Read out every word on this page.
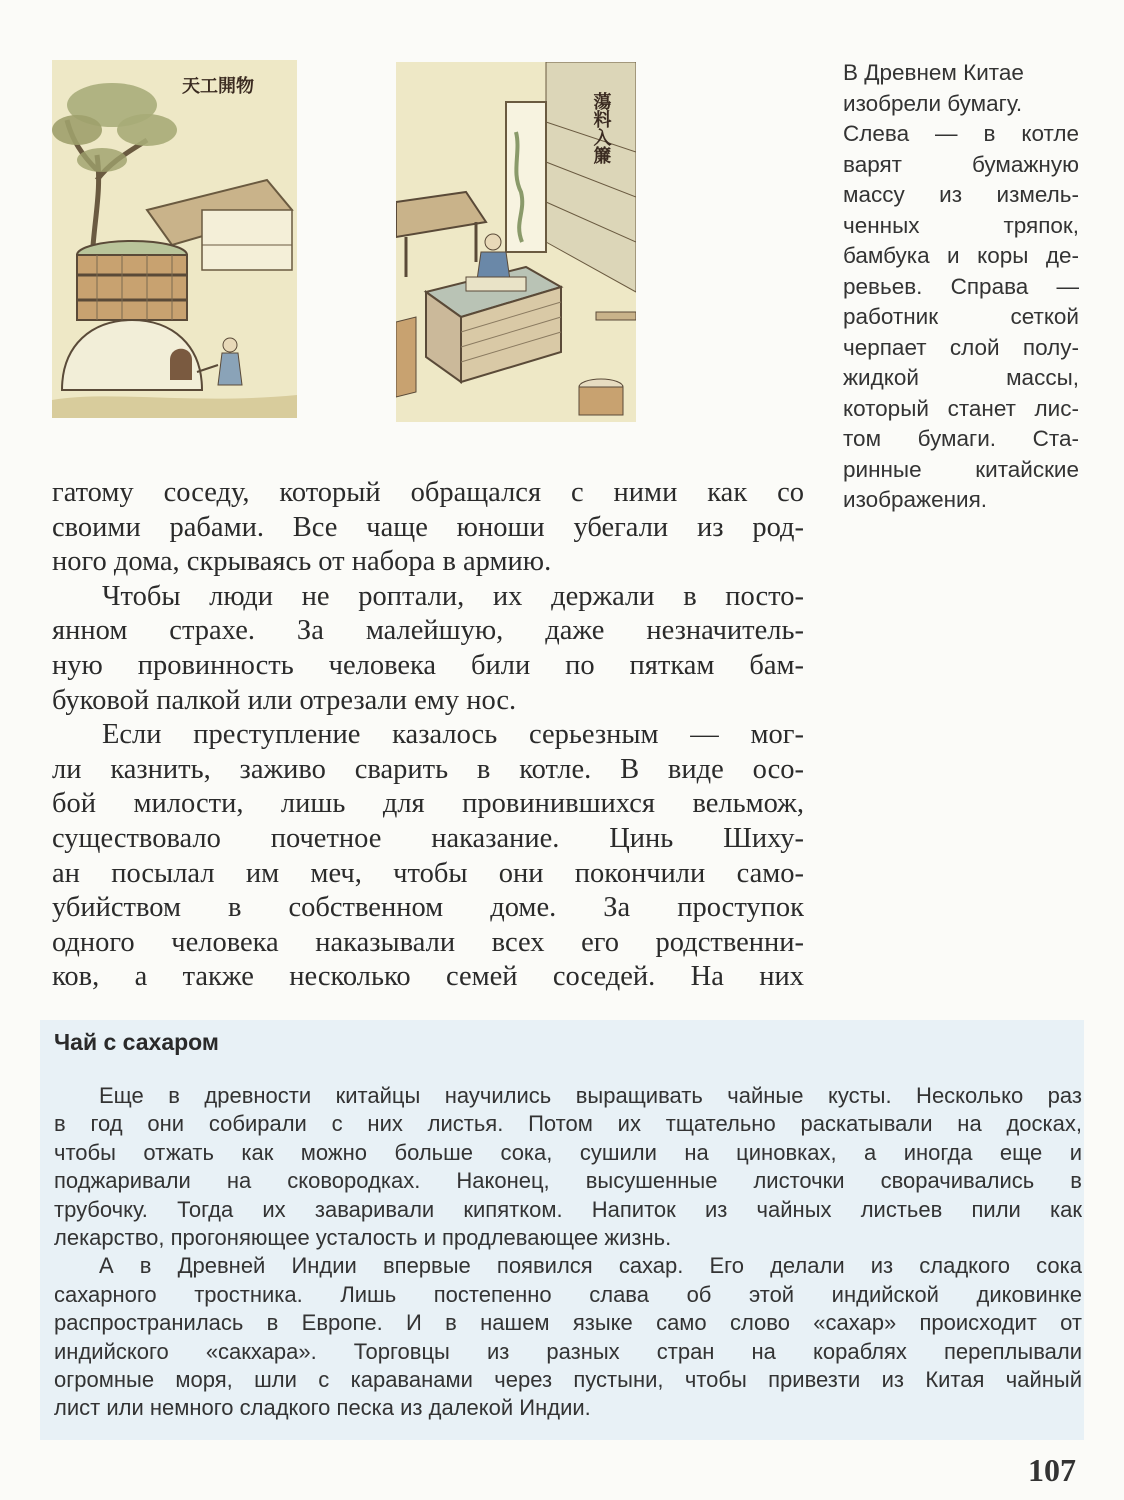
天工開物
蕩料入簾
В Древнем Китае
изобрели бумагу.
Слева — в котле
варят бумажную
массу из измель-
ченных тряпок,
бамбука и коры де-
ревьев. Справа —
работник сеткой
черпает слой полу-
жидкой массы,
который станет лис-
том бумаги. Ста-
ринные китайские
изображения.
гатому соседу, который обращался с ними как со
своими рабами. Все чаще юноши убегали из род-
ного дома, скрываясь от набора в армию.
Чтобы люди не роптали, их держали в посто-
янном страхе. За малейшую, даже незначитель-
ную провинность человека били по пяткам бам-
буковой палкой или отрезали ему нос.
Если преступление казалось серьезным — мог-
ли казнить, заживо сварить в котле. В виде осо-
бой милости, лишь для провинившихся вельмож,
существовало почетное наказание. Цинь Шиху-
ан посылал им меч, чтобы они покончили само-
убийством в собственном доме. За проступок
одного человека наказывали всех его родственни-
ков, а также несколько семей соседей. На них
Чай с сахаром
Еще в древности китайцы научились выращивать чайные кусты. Несколько раз
в год они собирали с них листья. Потом их тщательно раскатывали на досках,
чтобы отжать как можно больше сока, сушили на циновках, а иногда еще и
поджаривали на сковородках. Наконец, высушенные листочки сворачивались в
трубочку. Тогда их заваривали кипятком. Напиток из чайных листьев пили как
лекарство, прогоняющее усталость и продлевающее жизнь.
А в Древней Индии впервые появился сахар. Его делали из сладкого сока
сахарного тростника. Лишь постепенно слава об этой индийской диковинке
распространилась в Европе. И в нашем языке само слово «сахар» происходит от
индийского «сакхара». Торговцы из разных стран на кораблях переплывали
огромные моря, шли с караванами через пустыни, чтобы привезти из Китая чайный
лист или немного сладкого песка из далекой Индии.
107
